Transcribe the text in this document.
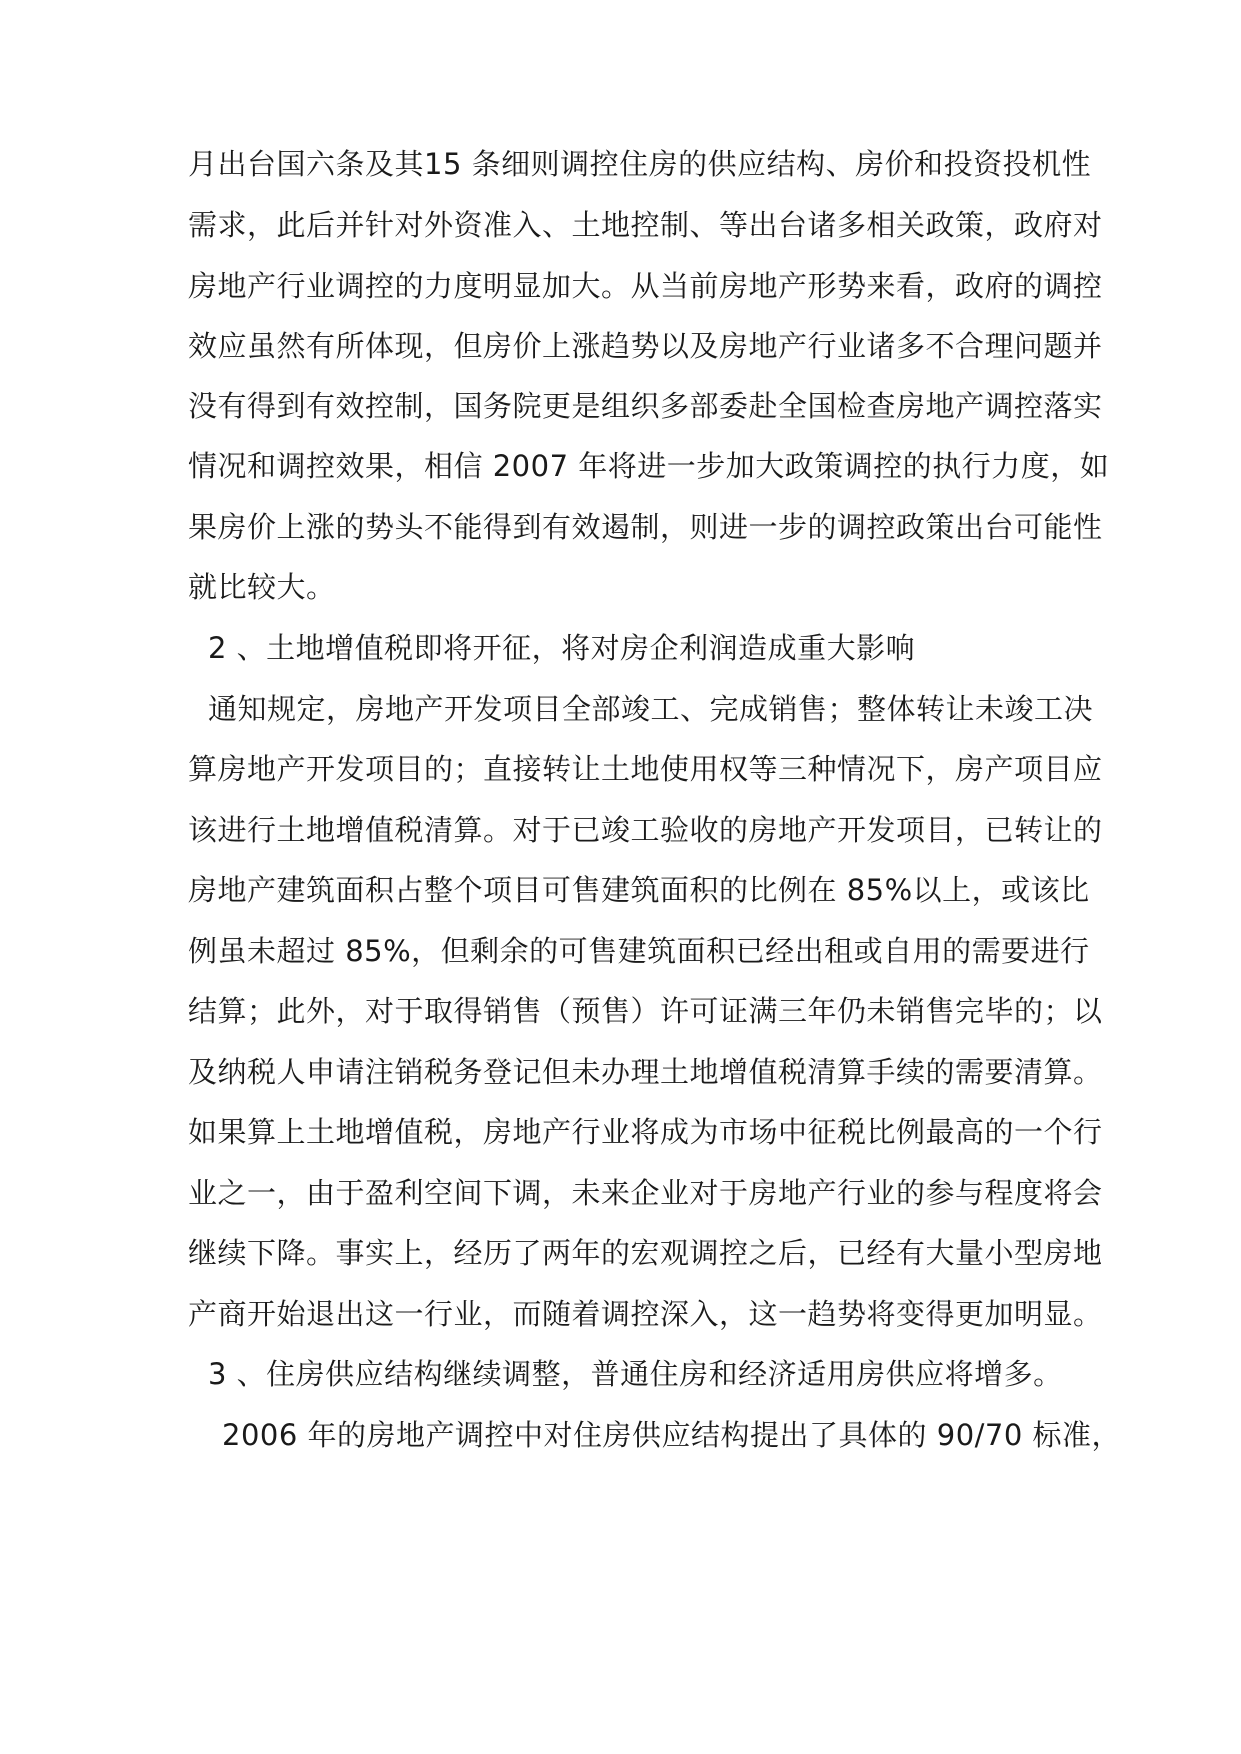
月出台国六条及其15 条细则调控住房的供应结构、房价和投资投机性
需求，此后并针对外资准入、土地控制、等出台诸多相关政策，政府对
房地产行业调控的力度明显加大。从当前房地产形势来看，政府的调控
效应虽然有所体现，但房价上涨趋势以及房地产行业诸多不合理问题并
没有得到有效控制，国务院更是组织多部委赴全国检查房地产调控落实
情况和调控效果，相信 2007 年将进一步加大政策调控的执行力度，如
果房价上涨的势头不能得到有效遏制，则进一步的调控政策出台可能性
就比较大。
2 、土地增值税即将开征，将对房企利润造成重大影响
通知规定，房地产开发项目全部竣工、完成销售；整体转让未竣工决
算房地产开发项目的；直接转让土地使用权等三种情况下，房产项目应
该进行土地增值税清算。对于已竣工验收的房地产开发项目，已转让的
房地产建筑面积占整个项目可售建筑面积的比例在 85%以上，或该比
例虽未超过 85%，但剩余的可售建筑面积已经出租或自用的需要进行
结算；此外，对于取得销售（预售）许可证满三年仍未销售完毕的；以
及纳税人申请注销税务登记但未办理土地增值税清算手续的需要清算。
如果算上土地增值税，房地产行业将成为市场中征税比例最高的一个行
业之一，由于盈利空间下调，未来企业对于房地产行业的参与程度将会
继续下降。事实上，经历了两年的宏观调控之后，已经有大量小型房地
产商开始退出这一行业，而随着调控深入，这一趋势将变得更加明显。
3 、住房供应结构继续调整，普通住房和经济适用房供应将增多。
2006 年的房地产调控中对住房供应结构提出了具体的 90/70 标准，
